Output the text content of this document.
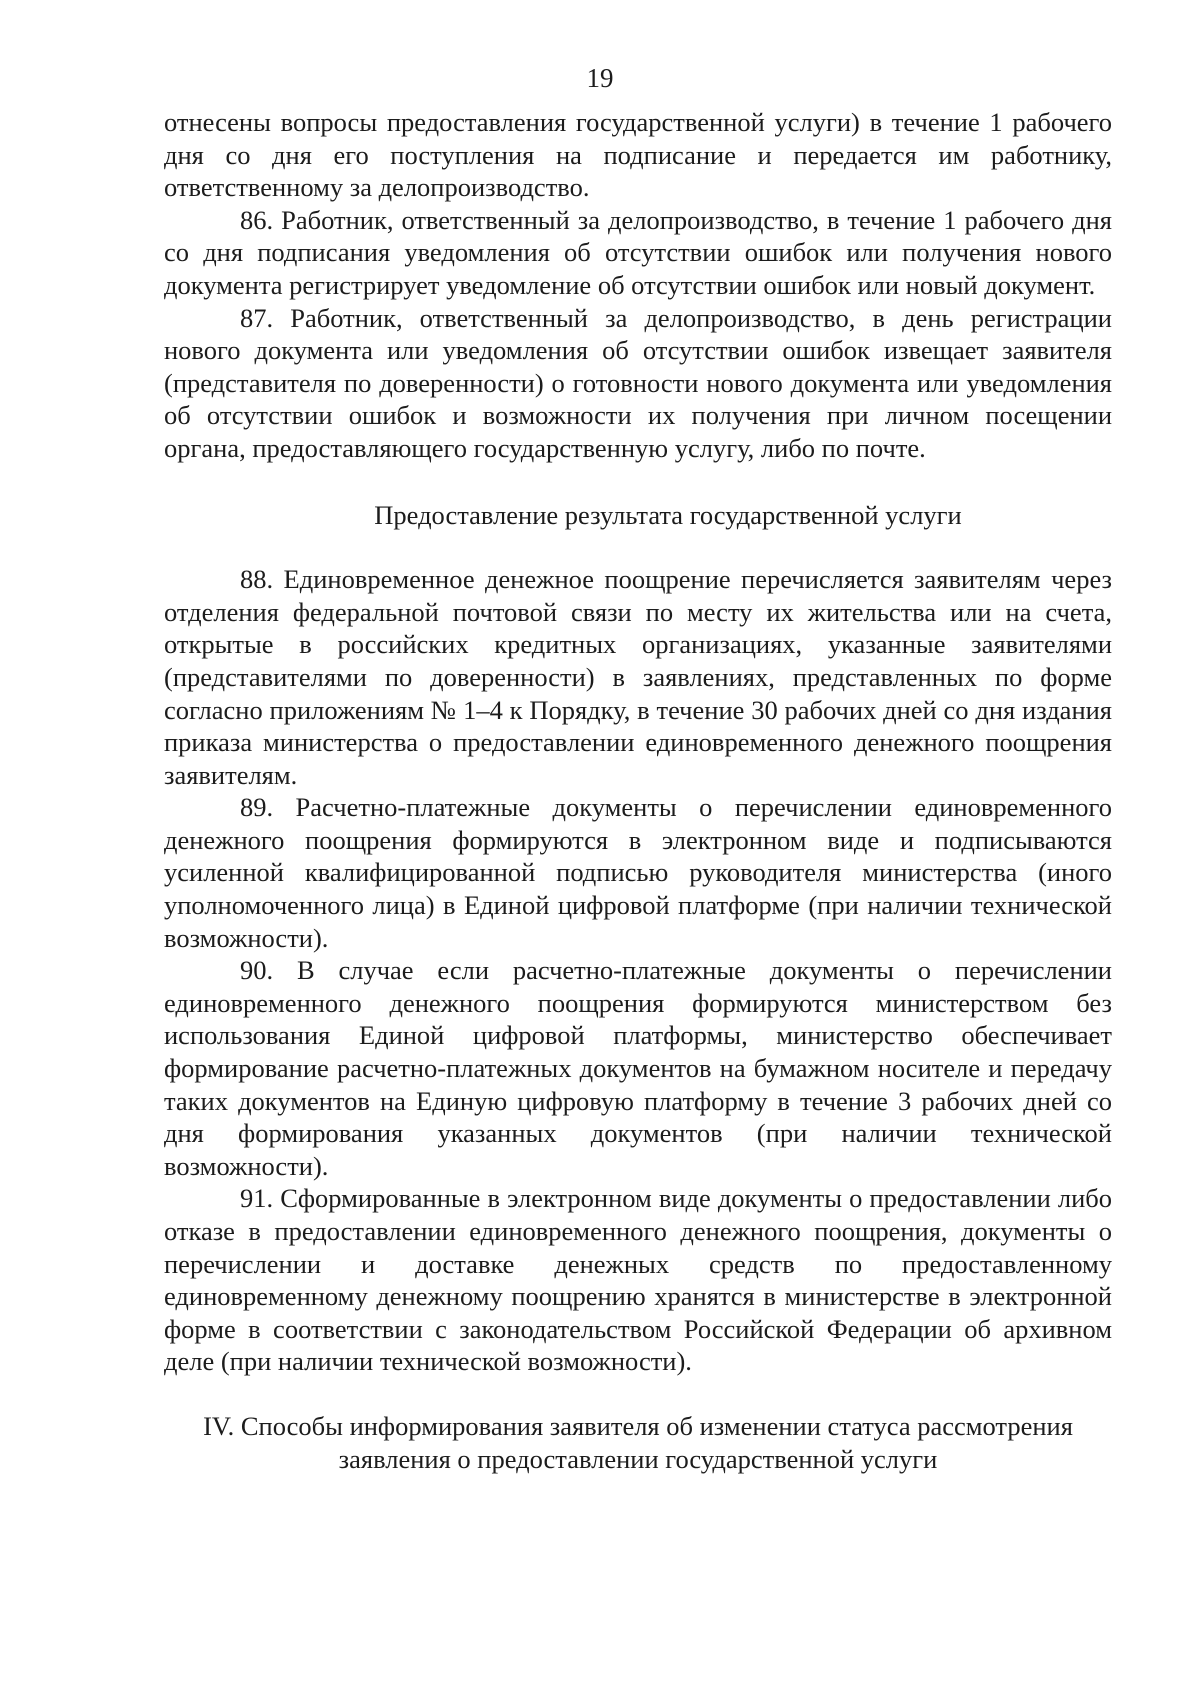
19

отнесены вопросы предоставления государственной услуги) в течение 1 рабочего дня со дня его поступления на подписание и передается им работнику, ответственному за делопроизводство.

86. Работник, ответственный за делопроизводство, в течение 1 рабочего дня со дня подписания уведомления об отсутствии ошибок или получения нового документа регистрирует уведомление об отсутствии ошибок или новый документ.

87. Работник, ответственный за делопроизводство, в день регистрации нового документа или уведомления об отсутствии ошибок извещает заявителя (представителя по доверенности) о готовности нового документа или уведомления об отсутствии ошибок и возможности их получения при личном посещении органа, предоставляющего государственную услугу, либо по почте.

Предоставление результата государственной услуги

88. Единовременное денежное поощрение перечисляется заявителям через отделения федеральной почтовой связи по месту их жительства или на счета, открытые в российских кредитных организациях, указанные заявителями (представителями по доверенности) в заявлениях, представленных по форме согласно приложениям № 1–4 к Порядку, в течение 30 рабочих дней со дня издания приказа министерства о предоставлении единовременного денежного поощрения заявителям.

89. Расчетно-платежные документы о перечислении единовременного денежного поощрения формируются в электронном виде и подписываются усиленной квалифицированной подписью руководителя министерства (иного уполномоченного лица) в Единой цифровой платформе (при наличии технической возможности).

90. В случае если расчетно-платежные документы о перечислении единовременного денежного поощрения формируются министерством без использования Единой цифровой платформы, министерство обеспечивает формирование расчетно-платежных документов на бумажном носителе и передачу таких документов на Единую цифровую платформу в течение 3 рабочих дней со дня формирования указанных документов (при наличии технической возможности).

91. Сформированные в электронном виде документы о предоставлении либо отказе в предоставлении единовременного денежного поощрения, документы о перечислении и доставке денежных средств по предоставленному единовременному денежному поощрению хранятся в министерстве в электронной форме в соответствии с законодательством Российской Федерации об архивном деле (при наличии технической возможности).

IV. Способы информирования заявителя об изменении статуса рассмотрения
заявления о предоставлении государственной услуги
